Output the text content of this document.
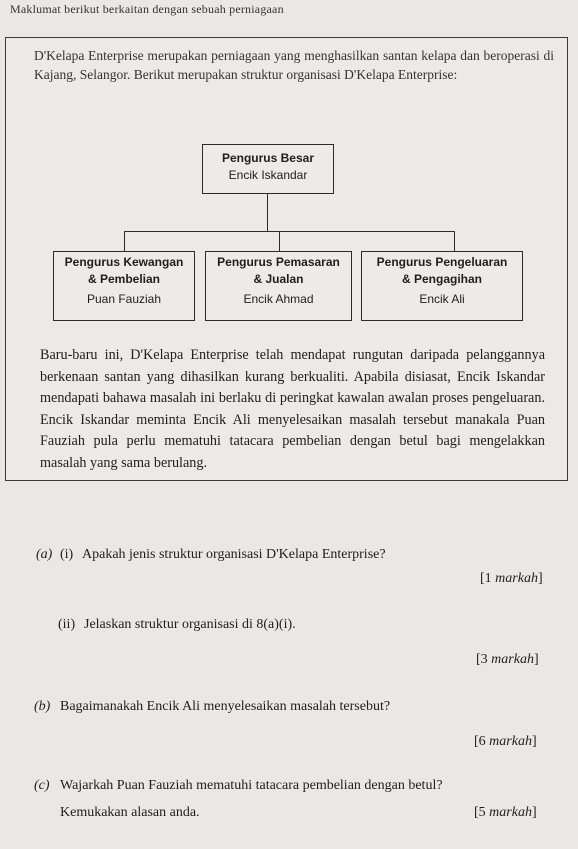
Maklumat berikut berkaitan dengan sebuah perniagaan
D'Kelapa Enterprise merupakan perniagaan yang menghasilkan santan kelapa dan beroperasi di Kajang, Selangor. Berikut merupakan struktur organisasi D'Kelapa Enterprise:
Pengurus Besar
Encik Iskandar
Pengurus Kewangan
& Pembelian
Puan Fauziah
Pengurus Pemasaran
& Jualan
Encik Ahmad
Pengurus Pengeluaran
& Pengagihan
Encik Ali
Baru-baru ini, D'Kelapa Enterprise telah mendapat rungutan daripada pelanggannya berkenaan santan yang dihasilkan kurang berkualiti. Apabila disiasat, Encik Iskandar mendapati bahawa masalah ini berlaku di peringkat kawalan awalan proses pengeluaran. Encik Iskandar meminta Encik Ali menyelesaikan masalah tersebut manakala Puan Fauziah pula perlu mematuhi tatacara pembelian dengan betul bagi mengelakkan masalah yang sama berulang.
(a) (i) Apakah jenis struktur organisasi D'Kelapa Enterprise?
[1 markah]
(ii) Jelaskan struktur organisasi di 8(a)(i).
[3 markah]
(b) Bagaimanakah Encik Ali menyelesaikan masalah tersebut?
[6 markah]
(c) Wajarkah Puan Fauziah mematuhi tatacara pembelian dengan betul?
Kemukakan alasan anda.	[5 markah]
